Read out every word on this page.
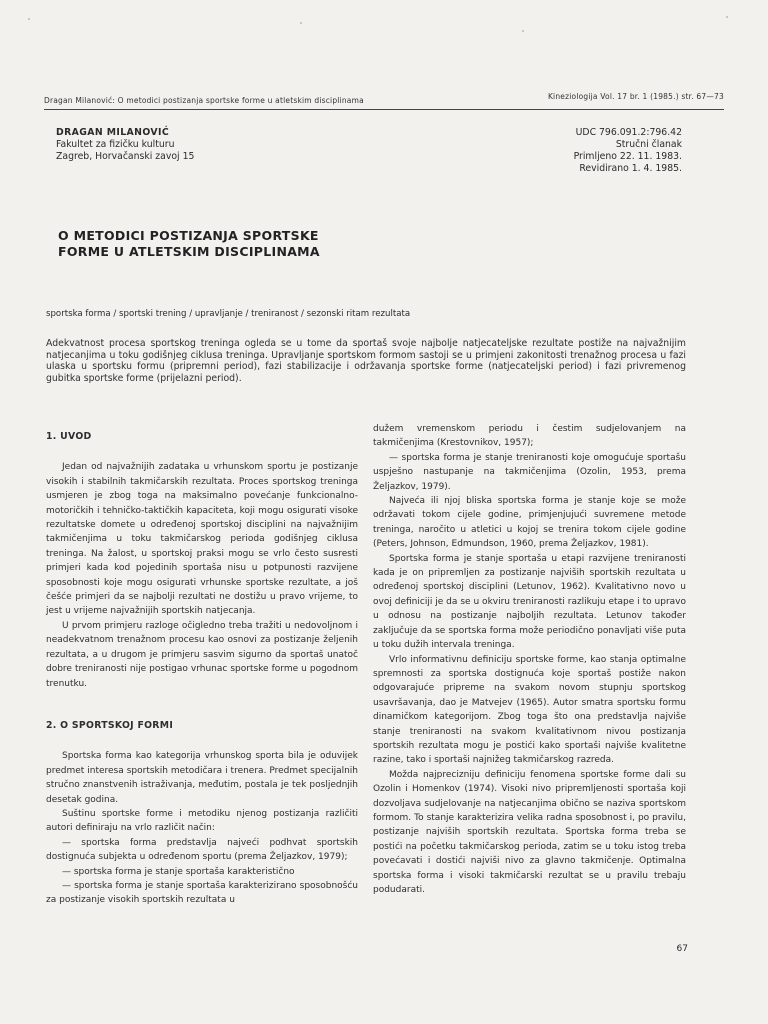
Dragan Milanović: O metodici postizanja sportske forme u atletskim disciplinama	Kineziologija Vol. 17 br. 1 (1985.) str. 67—73
DRAGAN MILANOVIĆ
Fakultet za fizičku kulturu
Zagreb, Horvačanski zavoj 15
UDC 796.091.2:796.42
Stručni članak
Primljeno 22. 11. 1983.
Revidirano 1. 4. 1985.
O METODICI POSTIZANJA SPORTSKE
FORME U ATLETSKIM DISCIPLINAMA
sportska forma / sportski trening / upravljanje / treniranost / sezonski ritam rezultata
Adekvatnost procesa sportskog treninga ogleda se u tome da sportaš svoje najbolje natjecateljske rezultate postiže na najvažnijim natjecanjima u toku godišnjeg ciklusa treninga. Upravljanje sportskom formom sastoji se u primjeni zakonitosti trenažnog procesa u fazi ulaska u sportsku formu (pripremni period), fazi stabilizacije i održavanja sportske forme (natjecateljski period) i fazi privremenog gubitka sportske forme (prijelazni period).

1. UVOD

Jedan od najvažnijih zadataka u vrhunskom sportu je postizanje visokih i stabilnih takmičarskih rezultata. Proces sportskog treninga usmjeren je zbog toga na maksimalno povećanje funkcionalno-motoričkih i tehničko-taktičkih kapaciteta, koji mogu osigurati visoke rezultatske domete u određenoj sportskoj disciplini na najvažnijim takmičenjima u toku takmičarskog perioda godišnjeg ciklusa treninga. Na žalost, u sportskoj praksi mogu se vrlo često susresti primjeri kada kod pojedinih sportaša nisu u potpunosti razvijene sposobnosti koje mogu osigurati vrhunske sportske rezultate, a još češće primjeri da se najbolji rezultati ne dostižu u pravo vrijeme, to jest u vrijeme najvažnijih sportskih natjecanja.

U prvom primjeru razloge očigledno treba tražiti u nedovoljnom i neadekvatnom trenažnom procesu kao osnovi za postizanje željenih rezultata, a u drugom je primjeru sasvim sigurno da sportaš unatoč dobre treniranosti nije postigao vrhunac sportske forme u pogodnom trenutku.

2. O SPORTSKOJ FORMI

Sportska forma kao kategorija vrhunskog sporta bila je oduvijek predmet interesa sportskih metodičara i trenera. Predmet specijalnih stručno znanstvenih istraživanja, međutim, postala je tek posljednjih desetak godina.

Suštinu sportske forme i metodiku njenog postizanja različiti autori definiraju na vrlo različit način:

— sportska forma predstavlja najveći podhvat sportskih dostignuća subjekta u određenom sportu (prema Željazkov, 1979);

— sportska forma je stanje sportaša karakteristično

— sportska forma je stanje sportaša karakterizirano sposobnošću za postizanje visokih sportskih rezultata u

dužem vremenskom periodu i čestim sudjelovanjem na takmičenjima (Krestovnikov, 1957);

— sportska forma je stanje treniranosti koje omogućuje sportašu uspješno nastupanje na takmičenjima (Ozolin, 1953, prema Željazkov, 1979).

Najveća ili njoj bliska sportska forma je stanje koje se može održavati tokom cijele godine, primjenjujući suvremene metode treninga, naročito u atletici u kojoj se trenira tokom cijele godine (Peters, Johnson, Edmundson, 1960, prema Željazkov, 1981).

Sportska forma je stanje sportaša u etapi razvijene treniranosti kada je on pripremljen za postizanje najviših sportskih rezultata u određenoj sportskoj disciplini (Letunov, 1962). Kvalitativno novo u ovoj definiciji je da se u okviru treniranosti razlikuju etape i to upravo u odnosu na postizanje najboljih rezultata. Letunov također zaključuje da se sportska forma može periodično ponavljati više puta u toku dužih intervala treninga.

Vrlo informativnu definiciju sportske forme, kao stanja optimalne spremnosti za sportska dostignuća koje sportaš postiže nakon odgovarajuće pripreme na svakom novom stupnju sportskog usavršavanja, dao je Matvejev (1965). Autor smatra sportsku formu dinamičkom kategorijom. Zbog toga što ona predstavlja najviše stanje treniranosti na svakom kvalitativnom nivou postizanja sportskih rezultata mogu je postići kako sportaši najviše kvalitetne razine, tako i sportaši najnižeg takmičarskog razreda.

Možda najprecizniju definiciju fenomena sportske forme dali su Ozolin i Homenkov (1974). Visoki nivo pripremljenosti sportaša koji dozvoljava sudjelovanje na natjecanjima obično se naziva sportskom formom. To stanje karakterizira velika radna sposobnost i, po pravilu, postizanje najviših sportskih rezultata. Sportska forma treba se postići na početku takmičarskog perioda, zatim se u toku istog treba povećavati i dostići najviši nivo za glavno takmičenje. Optimalna sportska forma i visoki takmičarski rezultat se u pravilu trebaju podudarati.

67
